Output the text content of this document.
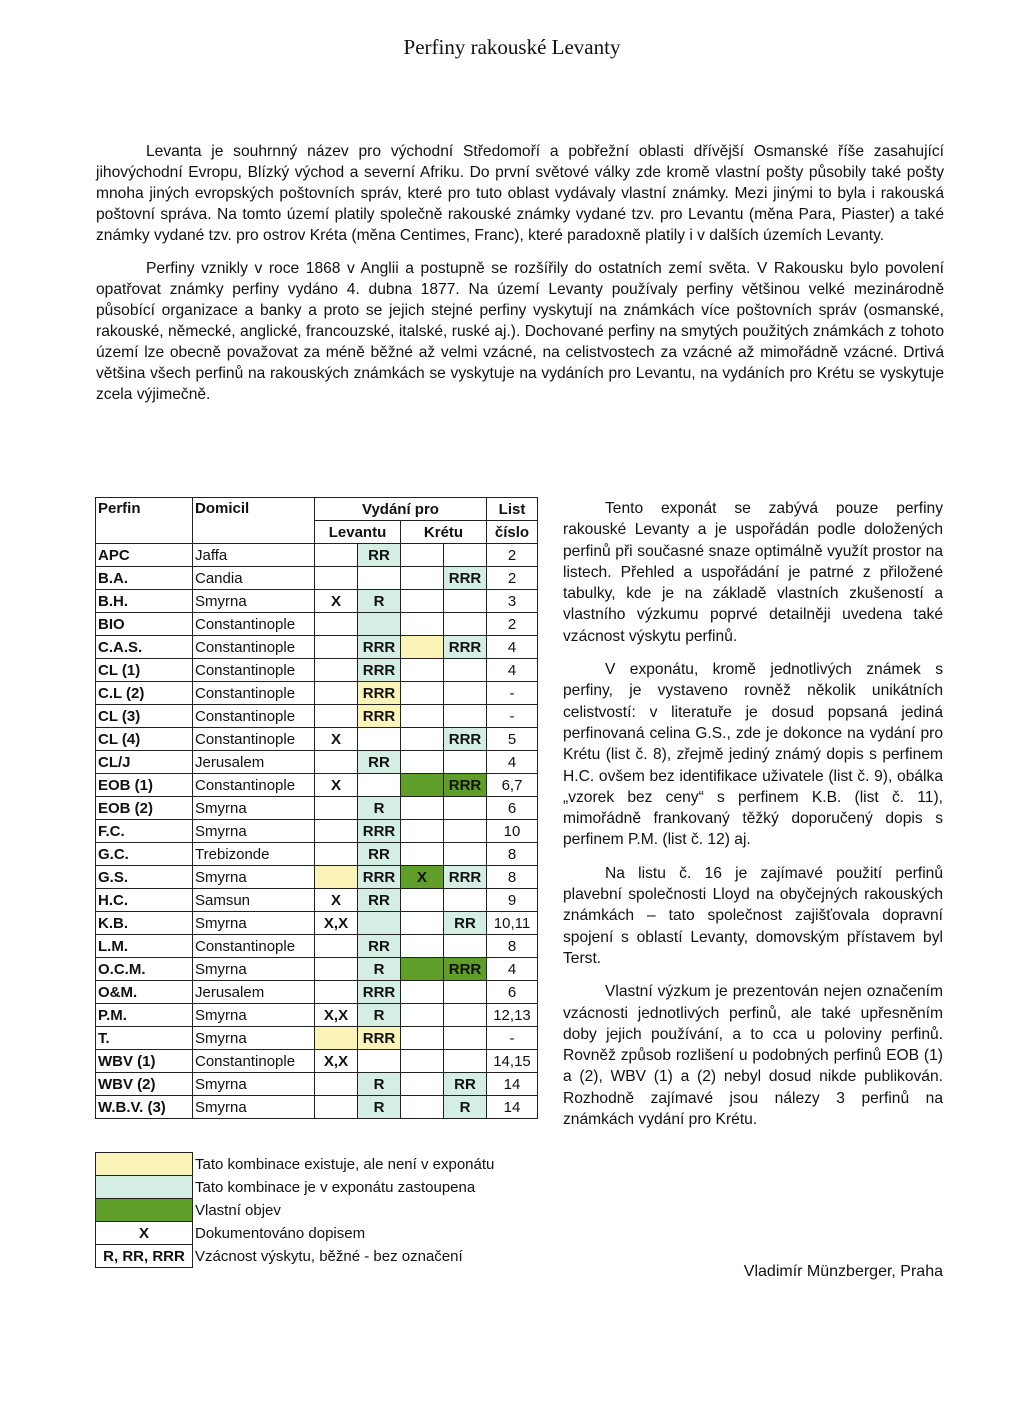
Perfiny rakouské Levanty

Levanta je souhrnný název pro východní Středomoří a pobřežní oblasti dřívější Osmanské říše zasahující jihovýchodní Evropu, Blízký východ a severní Afriku. Do první světové války zde kromě vlastní pošty působily také pošty mnoha jiných evropských poštovních správ, které pro tuto oblast vydávaly vlastní známky. Mezi jinými to byla i rakouská poštovní správa. Na tomto území platily společně rakouské známky vydané tzv. pro Levantu (měna Para, Piaster) a také známky vydané tzv. pro ostrov Kréta (měna Centimes, Franc), které paradoxně platily i v dalších územích Levanty.

Perfiny vznikly v roce 1868 v Anglii a postupně se rozšířily do ostatních zemí světa. V Rakousku bylo povolení opatřovat známky perfiny vydáno 4. dubna 1877. Na území Levanty používaly perfiny většinou velké mezinárodně působící organizace a banky a proto se jejich stejné perfiny vyskytují na známkách více poštovních správ (osmanské, rakouské, německé, anglické, francouzské, italské, ruské aj.). Dochované perfiny na smytých použitých známkách z tohoto území lze obecně považovat za méně běžné až velmi vzácné, na celistvostech za vzácné až mimořádně vzácné. Drtivá většina všech perfinů na rakouských známkách se vyskytuje na vydáních pro Levantu, na vydáních pro Krétu se vyskytuje zcela výjimečně.

Perfin	Domicil	Vydání pro				List
		Levantu		Krétu		číslo
APC	Jaffa		RR			2
B.A.	Candia				RRR	2
B.H.	Smyrna	X	R			3
BIO	Constantinople					2
C.A.S.	Constantinople		RRR		RRR	4
CL (1)	Constantinople		RRR			4
C.L (2)	Constantinople		RRR			-
CL (3)	Constantinople		RRR			-
CL (4)	Constantinople	X			RRR	5
CL/J	Jerusalem		RR			4
EOB (1)	Constantinople	X			RRR	6,7
EOB (2)	Smyrna		R			6
F.C.	Smyrna		RRR			10
G.C.	Trebizonde		RR			8
G.S.	Smyrna		RRR	X	RRR	8
H.C.	Samsun	X	RR			9
K.B.	Smyrna	X,X			RR	10,11
L.M.	Constantinople		RR			8
O.C.M.	Smyrna		R		RRR	4
O&M.	Jerusalem		RRR			6
P.M.	Smyrna	X,X	R			12,13
T.	Smyrna		RRR			-
WBV (1)	Constantinople	X,X				14,15
WBV (2)	Smyrna		R		RR	14
W.B.V. (3)	Smyrna		R		R	14
	Tato kombinace existuje, ale není v exponátu
	Tato kombinace je v exponátu zastoupena
	Vlastní objev
X	Dokumentováno dopisem
R, RR, RRR	Vzácnost výskytu, běžné - bez označení

Tento exponát se zabývá pouze perfiny rakouské Levanty a je uspořádán podle doložených perfinů při současné snaze optimálně využít prostor na listech. Přehled a uspořádání je patrné z přiložené tabulky, kde je na základě vlastních zkušeností a vlastního výzkumu poprvé detailněji uvedena také vzácnost výskytu perfinů.

V exponátu, kromě jednotlivých známek s perfiny, je vystaveno rovněž několik unikátních celistvostí: v literatuře je dosud popsaná jediná perfinovaná celina G.S., zde je dokonce na vydání pro Krétu (list č. 8), zřejmě jediný známý dopis s perfinem H.C. ovšem bez identifikace uživatele (list č. 9), obálka „vzorek bez ceny“ s perfinem K.B. (list č. 11), mimořádně frankovaný těžký doporučený dopis s perfinem P.M. (list č. 12) aj.

Na listu č. 16 je zajímavé použití perfinů plavební společnosti Lloyd na obyčejných rakouských známkách – tato společnost zajišťovala dopravní spojení s oblastí Levanty, domovským přístavem byl Terst.

Vlastní výzkum je prezentován nejen označením vzácnosti jednotlivých perfinů, ale také upřesněním doby jejich používání, a to cca u poloviny perfinů. Rovněž způsob rozlišení u podobných perfinů EOB (1) a (2), WBV (1) a (2) nebyl dosud nikde publikován. Rozhodně zajímavé jsou nálezy 3 perfinů na známkách vydání pro Krétu.

Vladimír Münzberger, Praha
